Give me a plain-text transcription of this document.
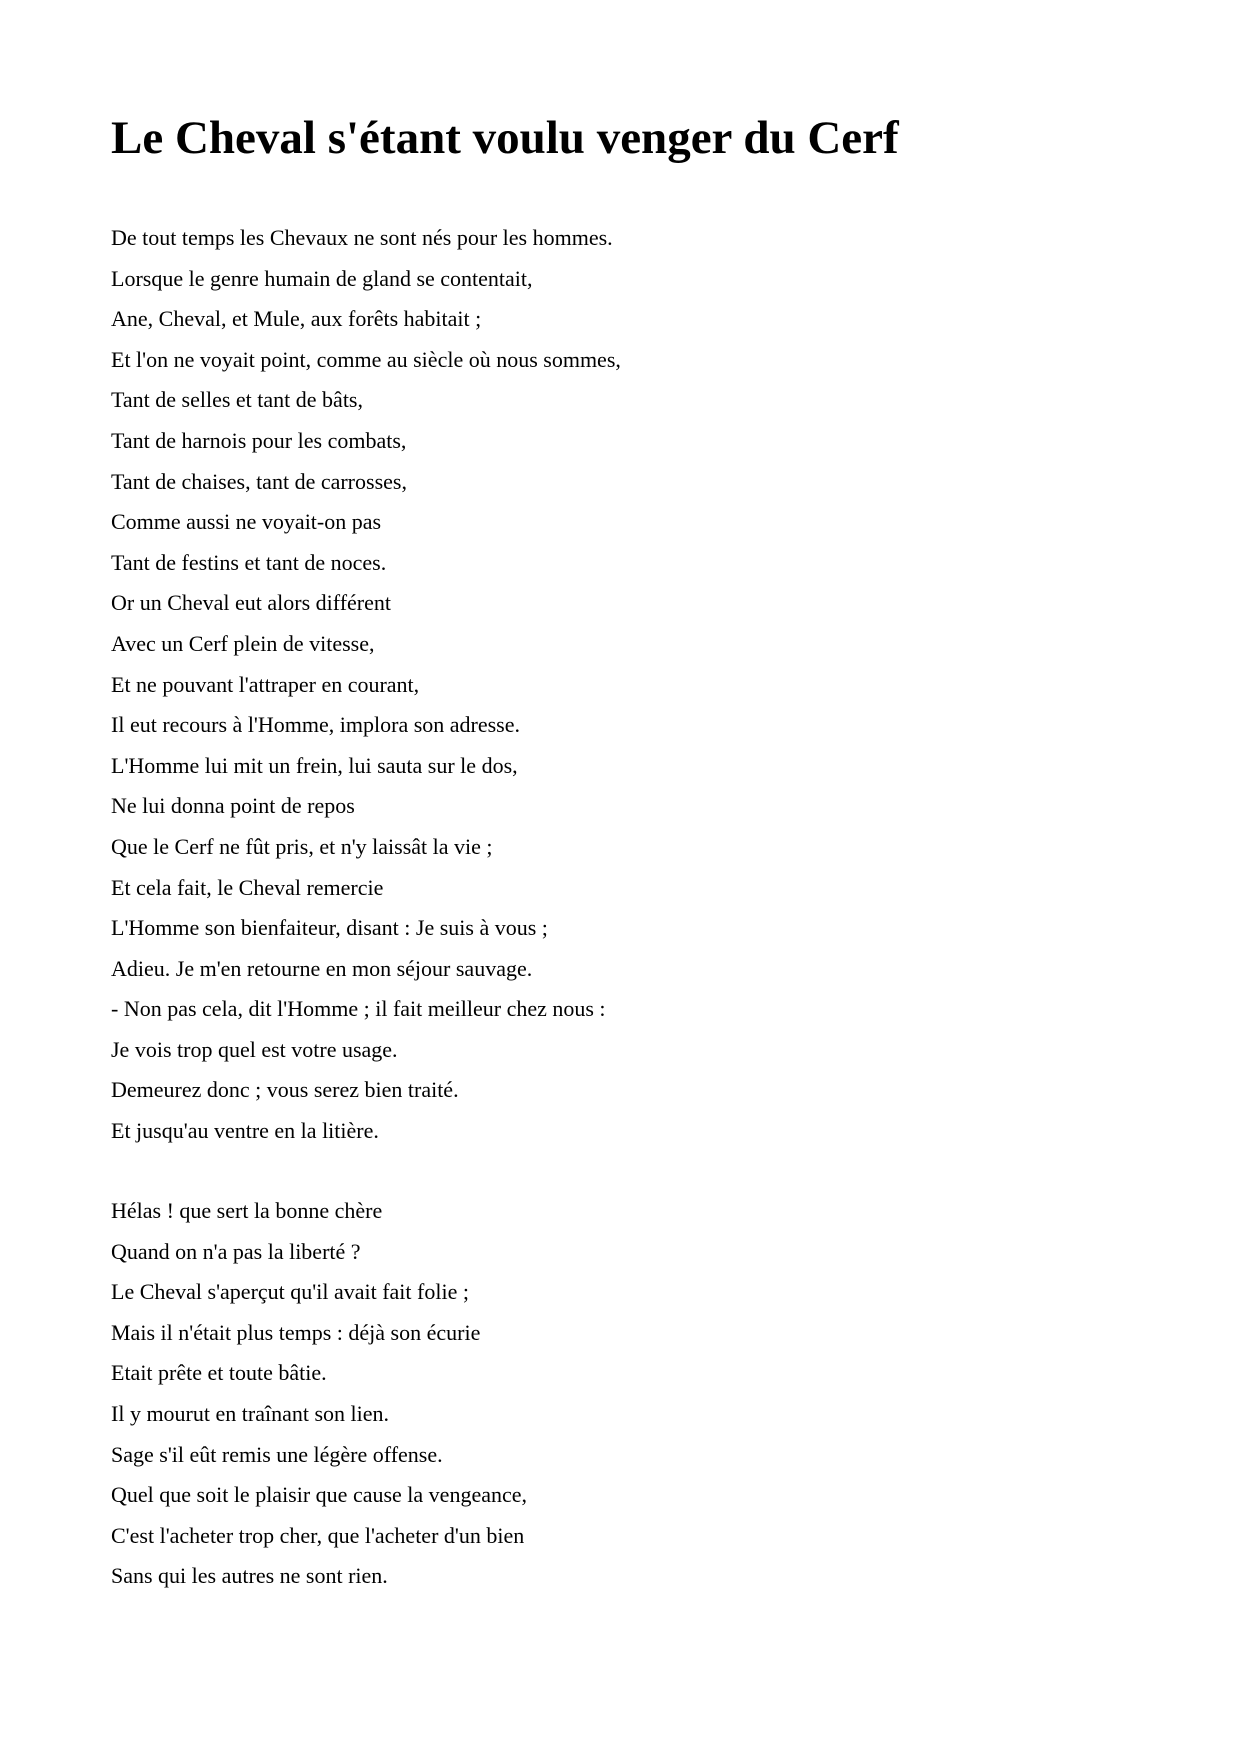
Le Cheval s'étant voulu venger du Cerf
De tout temps les Chevaux ne sont nés pour les hommes.
Lorsque le genre humain de gland se contentait,
Ane, Cheval, et Mule, aux forêts habitait ;
Et l'on ne voyait point, comme au siècle où nous sommes,
Tant de selles et tant de bâts,
Tant de harnois pour les combats,
Tant de chaises, tant de carrosses,
Comme aussi ne voyait-on pas
Tant de festins et tant de noces.
Or un Cheval eut alors différent
Avec un Cerf plein de vitesse,
Et ne pouvant l'attraper en courant,
Il eut recours à l'Homme, implora son adresse.
L'Homme lui mit un frein, lui sauta sur le dos,
Ne lui donna point de repos
Que le Cerf ne fût pris, et n'y laissât la vie ;
Et cela fait, le Cheval remercie
L'Homme son bienfaiteur, disant : Je suis à vous ;
Adieu. Je m'en retourne en mon séjour sauvage.
- Non pas cela, dit l'Homme ; il fait meilleur chez nous :
Je vois trop quel est votre usage.
Demeurez donc ; vous serez bien traité.
Et jusqu'au ventre en la litière.
Hélas ! que sert la bonne chère
Quand on n'a pas la liberté ?
Le Cheval s'aperçut qu'il avait fait folie ;
Mais il n'était plus temps : déjà son écurie
Etait prête et toute bâtie.
Il y mourut en traînant son lien.
Sage s'il eût remis une légère offense.
Quel que soit le plaisir que cause la vengeance,
C'est l'acheter trop cher, que l'acheter d'un bien
Sans qui les autres ne sont rien.
